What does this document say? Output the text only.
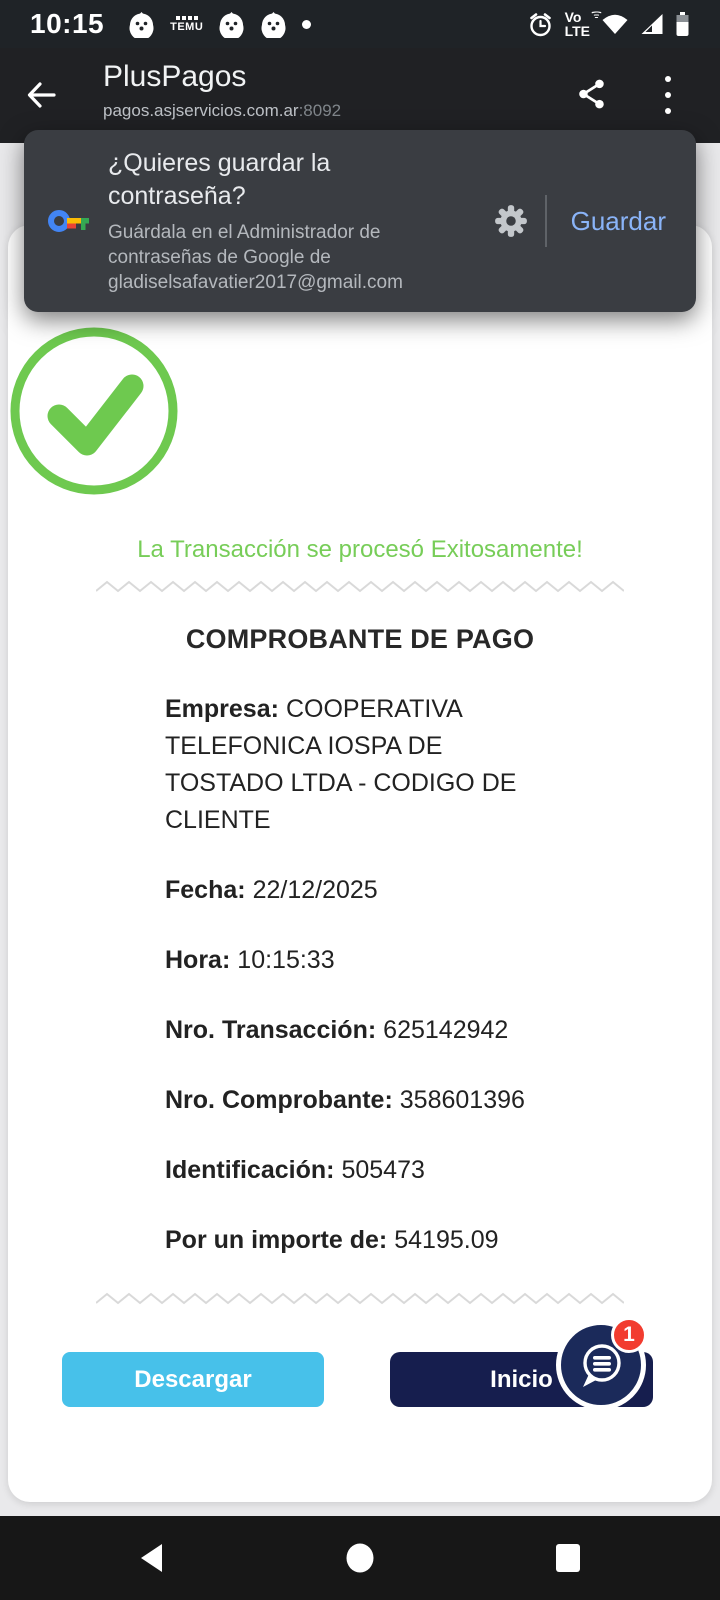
10:15	TEMU
Vo
LTE
ᯤ
PlusPagos
pagos.asjservicios.com.ar:8092
¿Quieres guardar la contraseña?
Guárdala en el Administrador de contraseñas de Google de gladiselsafavatier2017@gmail.com
Guardar
La Transacción se procesó Exitosamente!
COMPROBANTE DE PAGO
Empresa: COOPERATIVA TELEFONICA IOSPA DE TOSTADO LTDA - CODIGO DE CLIENTE
Fecha: 22/12/2025
Hora: 10:15:33
Nro. Transacción: 625142942
Nro. Comprobante: 358601396
Identificación: 505473
Por un importe de: 54195.09
Descargar	Inicio
1
